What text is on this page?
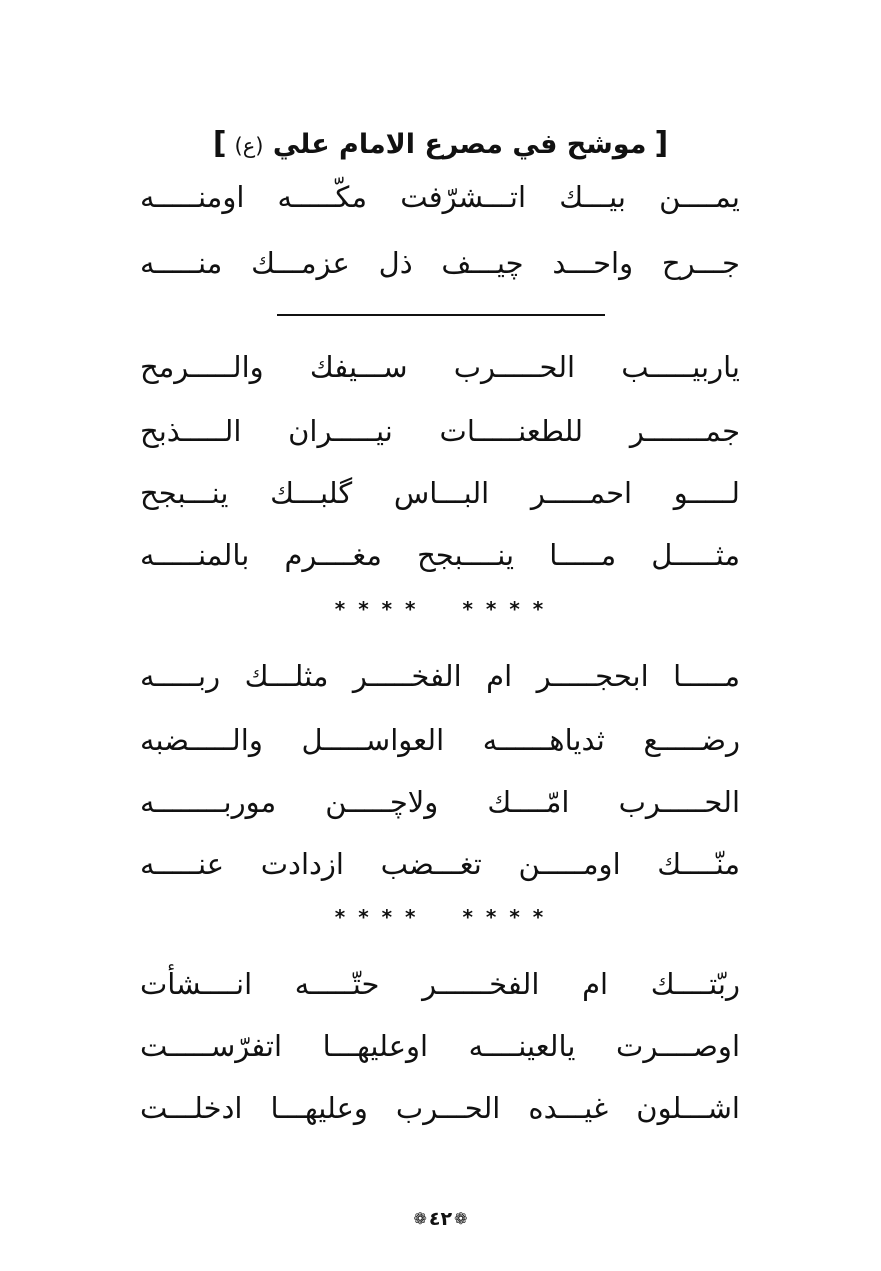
[موشح في مصرع الامام علي (ع)]
يمــــن بيـــك اتـــشرّفت مكّـــــه اومنـــــه
جـــرح واحـــد چيـــف ذل عزمـــك منـــــه
ياربيـــــب الحـــــرب ســـيفك والـــــرمح
جمـــــــر للطعنـــــات نيـــــران الـــــذبح
لـــــو احمـــــر البـــاس گلبـــك ينـــبجح
مثـــــل مـــــا ينــــبجح مغــــرم بالمنـــــه
* * * * * * * *
مـــــا ابحجـــــر ام الفخـــــر مثلـــك ربـــــه
رضـــــع ثدياهــــــه العواســـــل والـــــضبه
الحـــــرب امّــــك ولاچـــــن موربــــــــه
منّــــك اومـــــن تغـــضب ازدادت عنـــــه
* * * * * * * *
ربّتــــك ام الفخــــــر حتّـــــه انــــشأت
اوصــــرت يالعينــــه اوعليهـــا اتفرّســـــت
اشـــلون غيـــده الحـــرب وعليهـــا ادخلـــت
❁ ٤٢ ❁
